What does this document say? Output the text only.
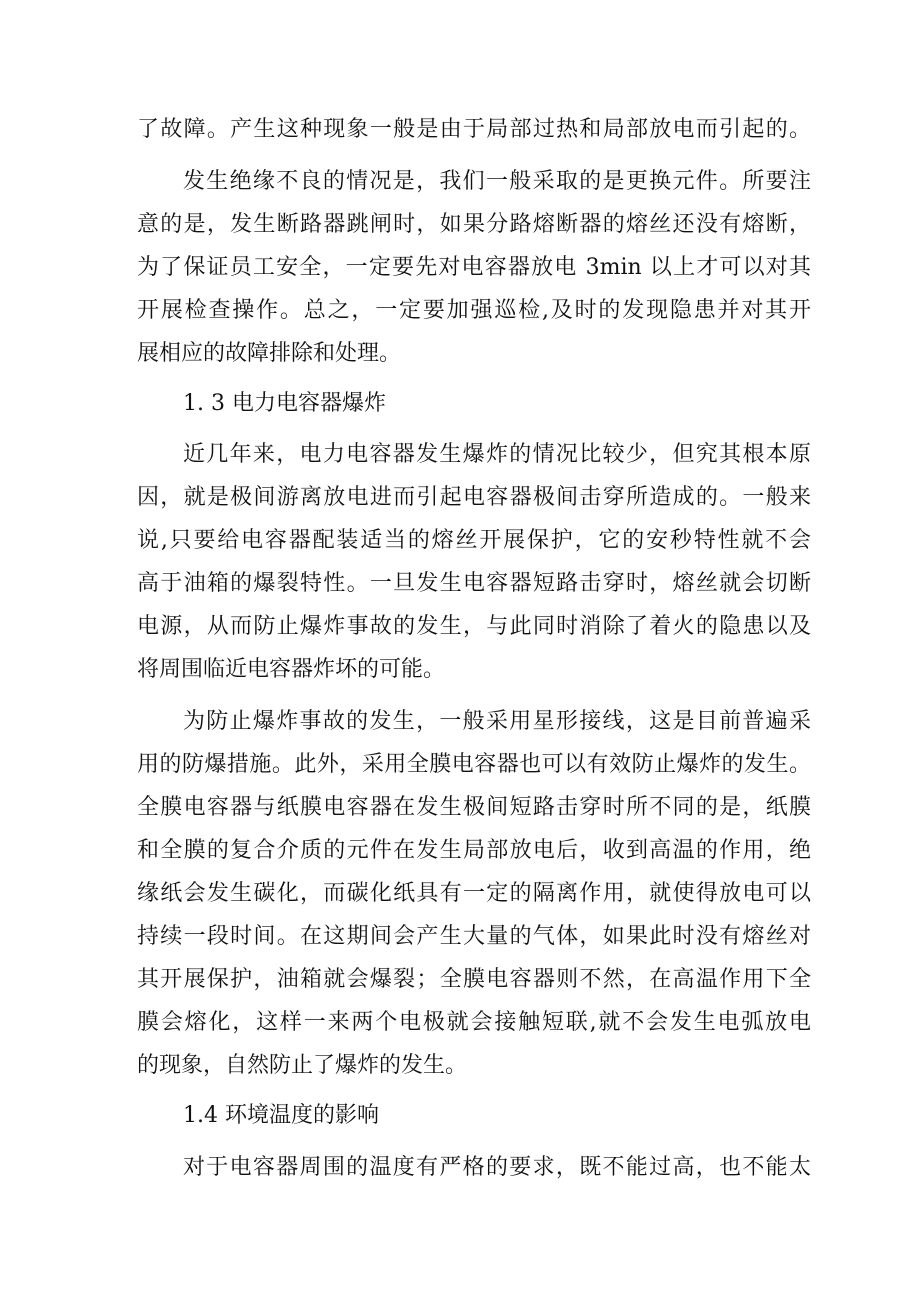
了故障。产生这种现象一般是由于局部过热和局部放电而引起的。
发生绝缘不良的情况是，我们一般采取的是更换元件。所要注
意的是，发生断路器跳闸时，如果分路熔断器的熔丝还没有熔断，
为了保证员工安全，一定要先对电容器放电 3min 以上才可以对其
开展检查操作。总之，一定要加强巡检,及时的发现隐患并对其开
展相应的故障排除和处理。
1. 3 电力电容器爆炸
近几年来，电力电容器发生爆炸的情况比较少，但究其根本原
因，就是极间游离放电进而引起电容器极间击穿所造成的。一般来
说,只要给电容器配装适当的熔丝开展保护，它的安秒特性就不会
高于油箱的爆裂特性。一旦发生电容器短路击穿时，熔丝就会切断
电源，从而防止爆炸事故的发生，与此同时消除了着火的隐患以及
将周围临近电容器炸坏的可能。
为防止爆炸事故的发生，一般采用星形接线，这是目前普遍采
用的防爆措施。此外，采用全膜电容器也可以有效防止爆炸的发生。
全膜电容器与纸膜电容器在发生极间短路击穿时所不同的是，纸膜
和全膜的复合介质的元件在发生局部放电后，收到高温的作用，绝
缘纸会发生碳化，而碳化纸具有一定的隔离作用，就使得放电可以
持续一段时间。在这期间会产生大量的气体，如果此时没有熔丝对
其开展保护，油箱就会爆裂；全膜电容器则不然，在高温作用下全
膜会熔化，这样一来两个电极就会接触短联,就不会发生电弧放电
的现象，自然防止了爆炸的发生。
1.4 环境温度的影响
对于电容器周围的温度有严格的要求，既不能过高，也不能太
